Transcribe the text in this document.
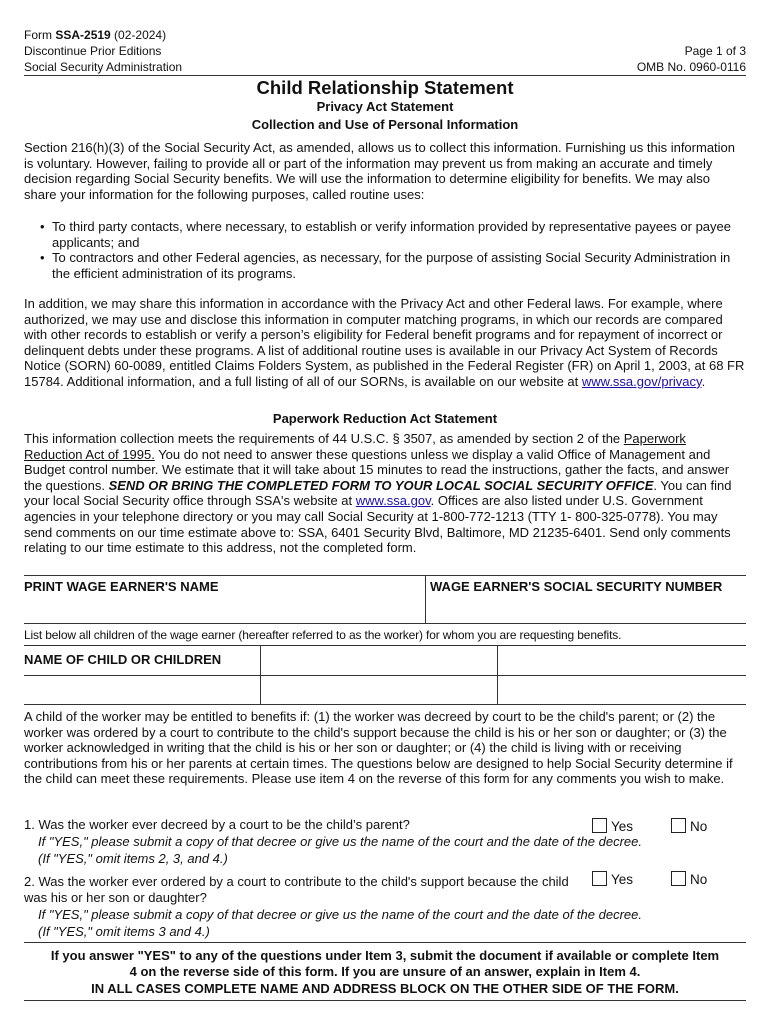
Form SSA-2519 (02-2024)
Discontinue Prior Editions
Social Security Administration
Page 1 of 3
OMB No. 0960-0116
Child Relationship Statement
Privacy Act Statement
Collection and Use of Personal Information
Section 216(h)(3) of the Social Security Act, as amended, allows us to collect this information. Furnishing us this information is voluntary. However, failing to provide all or part of the information may prevent us from making an accurate and timely decision regarding Social Security benefits. We will use the information to determine eligibility for benefits. We may also share your information for the following purposes, called routine uses:
• To third party contacts, where necessary, to establish or verify information provided by representative payees or payee applicants; and
• To contractors and other Federal agencies, as necessary, for the purpose of assisting Social Security Administration in the efficient administration of its programs.
In addition, we may share this information in accordance with the Privacy Act and other Federal laws. For example, where authorized, we may use and disclose this information in computer matching programs, in which our records are compared with other records to establish or verify a person’s eligibility for Federal benefit programs and for repayment of incorrect or delinquent debts under these programs. A list of additional routine uses is available in our Privacy Act System of Records Notice (SORN) 60-0089, entitled Claims Folders System, as published in the Federal Register (FR) on April 1, 2003, at 68 FR 15784. Additional information, and a full listing of all of our SORNs, is available on our website at www.ssa.gov/privacy.
Paperwork Reduction Act Statement
This information collection meets the requirements of 44 U.S.C. § 3507, as amended by section 2 of the Paperwork Reduction Act of 1995. You do not need to answer these questions unless we display a valid Office of Management and Budget control number. We estimate that it will take about 15 minutes to read the instructions, gather the facts, and answer the questions. SEND OR BRING THE COMPLETED FORM TO YOUR LOCAL SOCIAL SECURITY OFFICE. You can find your local Social Security office through SSA's website at www.ssa.gov. Offices are also listed under U.S. Government agencies in your telephone directory or you may call Social Security at 1-800-772-1213 (TTY 1- 800-325-0778). You may send comments on our time estimate above to: SSA, 6401 Security Blvd, Baltimore, MD 21235-6401. Send only comments relating to our time estimate to this address, not the completed form.
PRINT WAGE EARNER'S NAME	WAGE EARNER'S SOCIAL SECURITY NUMBER
List below all children of the wage earner (hereafter referred to as the worker) for whom you are requesting benefits.
NAME OF CHILD OR CHILDREN
A child of the worker may be entitled to benefits if: (1) the worker was decreed by court to be the child's parent; or (2) the worker was ordered by a court to contribute to the child's support because the child is his or her son or daughter; or (3) the worker acknowledged in writing that the child is his or her son or daughter; or (4) the child is living with or receiving contributions from his or her parents at certain times. The questions below are designed to help Social Security determine if the child can meet these requirements. Please use item 4 on the reverse of this form for any comments you wish to make.
1. Was the worker ever decreed by a court to be the child’s parent?	Yes	No
If "YES," please submit a copy of that decree or give us the name of the court and the date of the decree.
(If "YES," omit items 2, 3, and 4.)
2. Was the worker ever ordered by a court to contribute to the child's support because the child was his or her son or daughter?
Yes	No
If "YES," please submit a copy of that decree or give us the name of the court and the date of the decree.
(If "YES," omit items 3 and 4.)
If you answer "YES" to any of the questions under Item 3, submit the document if available or complete Item
4 on the reverse side of this form. If you are unsure of an answer, explain in Item 4.
IN ALL CASES COMPLETE NAME AND ADDRESS BLOCK ON THE OTHER SIDE OF THE FORM.
